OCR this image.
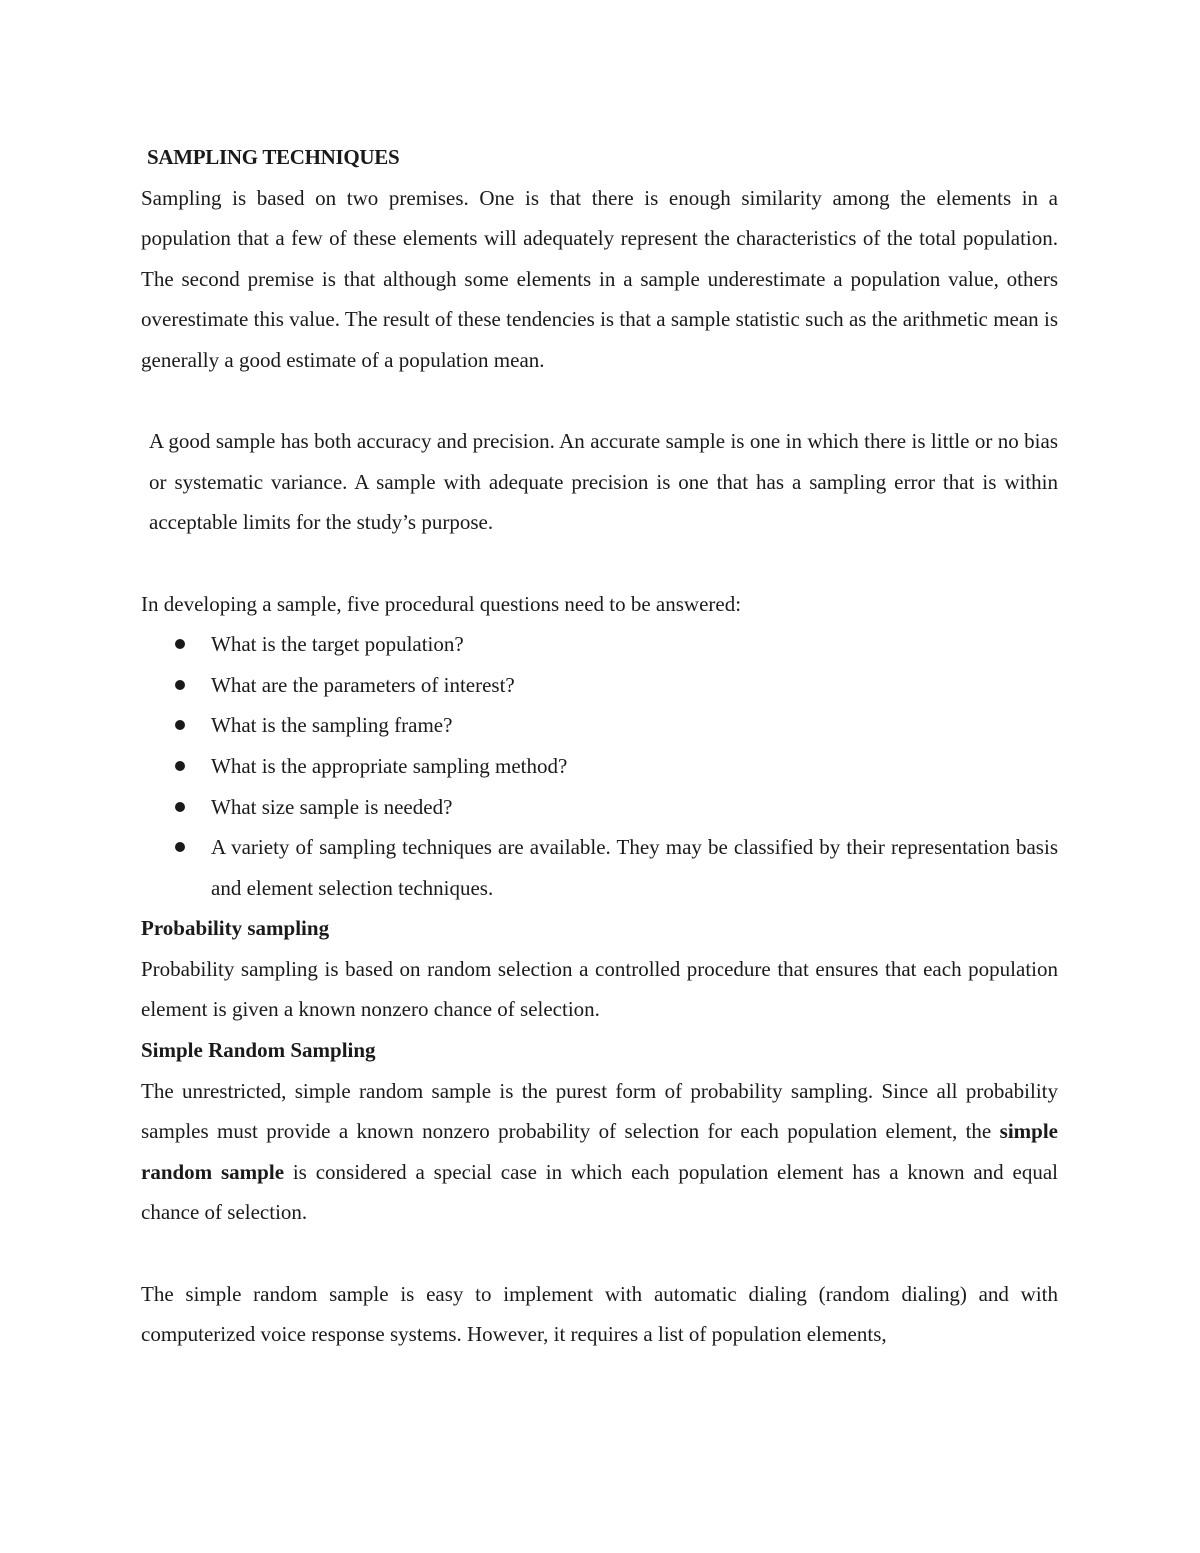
SAMPLING TECHNIQUES

Sampling is based on two premises. One is that there is enough similarity among the elements in a population that a few of these elements will adequately represent the characteristics of the total population. The second premise is that although some elements in a sample underestimate a population value, others overestimate this value. The result of these tendencies is that a sample statistic such as the arithmetic mean is generally a good estimate of a population mean.

A good sample has both accuracy and precision. An accurate sample is one in which there is little or no bias or systematic variance. A sample with adequate precision is one that has a sampling error that is within acceptable limits for the study’s purpose.

In developing a sample, five procedural questions need to be answered:

What is the target population?
What are the parameters of interest?
What is the sampling frame?
What is the appropriate sampling method?
What size sample is needed?
A variety of sampling techniques are available. They may be classified by their representation basis and element selection techniques.

Probability sampling

Probability sampling is based on random selection a controlled procedure that ensures that each population element is given a known nonzero chance of selection.

Simple Random Sampling

The unrestricted, simple random sample is the purest form of probability sampling. Since all probability samples must provide a known nonzero probability of selection for each population element, the simple random sample is considered a special case in which each population element has a known and equal chance of selection.

The simple random sample is easy to implement with automatic dialing (random dialing) and with computerized voice response systems. However, it requires a list of population elements,
